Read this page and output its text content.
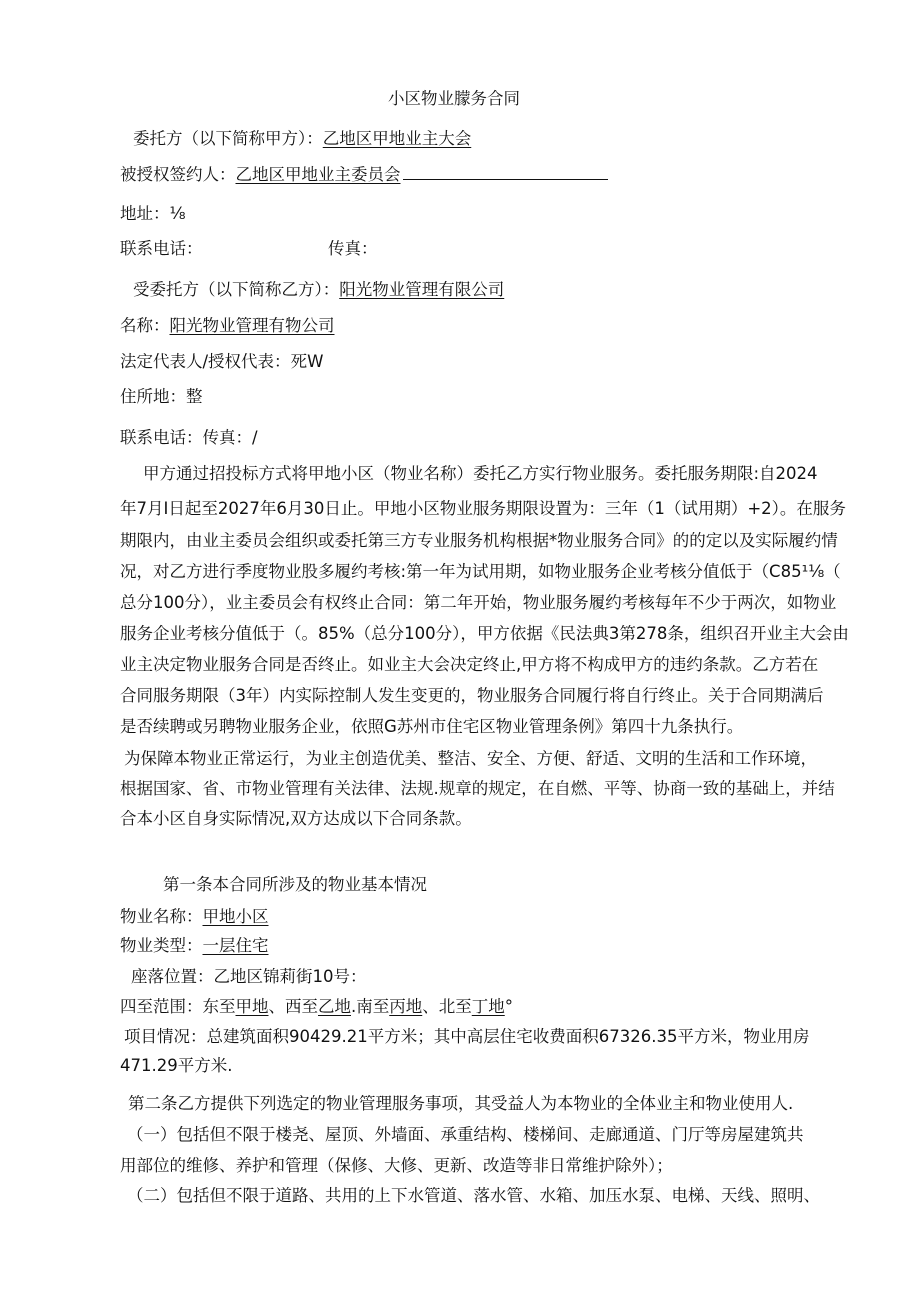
小区物业朦务合同
委托方（以下简称甲方）：乙地区甲地业主大会
被授权签约人：乙地区甲地业主委员会
地址：⅛
联系电话：	传真：
受委托方（以下简称乙方）：阳光物业管理有限公司
名称：阳光物业管理有物公司
法定代表人/授权代表：死W
住所地：整
联系电话：传真：/
甲方通过招投标方式将甲地小区（物业名称）委托乙方实行物业服务。委托服务期限:自2024
年7月I日起至2027年6月30日止。甲地小区物业服务期限设置为：三年（1（试用期）+2）。在服务
期限内，由业主委员会组织或委托第三方专业服务机构根据*物业服务合同》的的定以及实际履约情
况，对乙方进行季度物业股多履约考核:第一年为试用期，如物业服务企业考核分值低于（C85¹⅛（
总分100分），业主委员会有权终止合同：第二年开始，物业服务履约考核每年不少于两次，如物业
服务企业考核分值低于（。85%（总分100分），甲方依据《民法典3第278条，组织召开业主大会由
业主决定物业服务合同是否终止。如业主大会决定终止,甲方将不构成甲方的违约条款。乙方若在
合同服务期限（3年）内实际控制人发生变更的，物业服务合同履行将自行终止。关于合同期满后
是否续聘或另聘物业服务企业，依照G苏州市住宅区物业管理条例》第四十九条执行。
为保障本物业正常运行，为业主创造优美、整洁、安全、方便、舒适、文明的生活和工作环境，
根据国家、省、市物业管理有关法律、法规.规章的规定，在自燃、平等、协商一致的基础上，并结
合本小区自身实际情况,双方达成以下合同条款。
第一条本合同所涉及的物业基本情况
物业名称：甲地小区
物业类型：一层住宅
座落位置：乙地区锦莉街10号：
四至范围：东至甲地、西至乙地.南至丙地、北至丁地°
项目情况：总建筑面积90429.21平方米；其中高层住宅收费面积67326.35平方米，物业用房
471.29平方米.
第二条乙方提供下列选定的物业管理服务事项，其受益人为本物业的全体业主和物业使用人.
（一）包括但不限于楼尧、屋顶、外墙面、承重结构、楼梯间、走廊通道、门厅等房屋建筑共
用部位的维修、养护和管理（保修、大修、更新、改造等非日常维护除外）；
（二）包括但不限于道路、共用的上下水管道、落水管、水箱、加压水泵、电梯、天线、照明、
